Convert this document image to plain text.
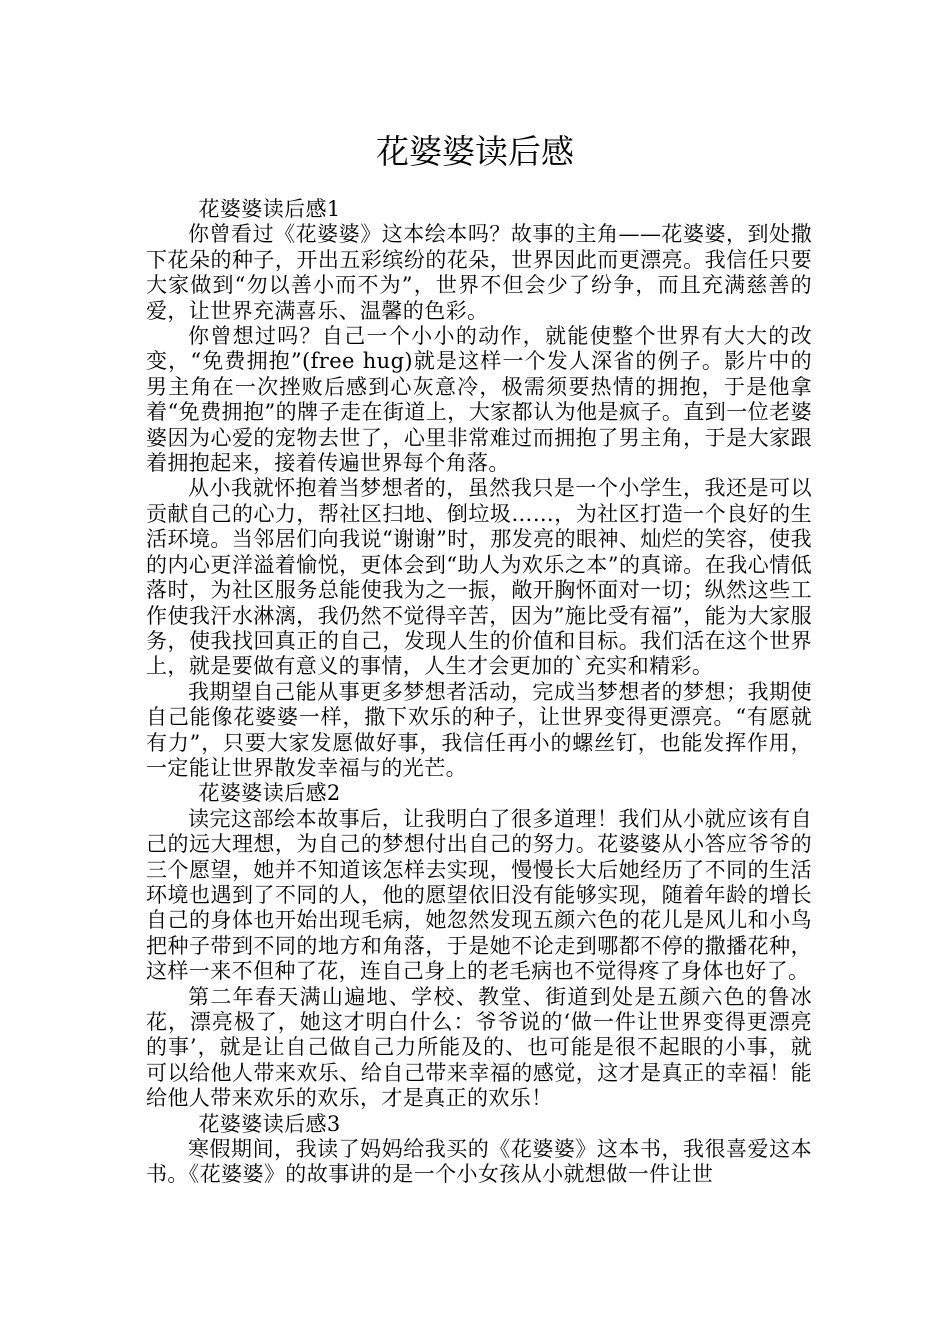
花婆婆读后感

花婆婆读后感1

你曾看过《花婆婆》这本绘本吗？故事的主角——花婆婆，到处撒下花朵的种子，开出五彩缤纷的花朵，世界因此而更漂亮。我信任只要大家做到“勿以善小而不为”，世界不但会少了纷争，而且充满慈善的爱，让世界充满喜乐、温馨的色彩。

你曾想过吗？自己一个小小的动作，就能使整个世界有大大的改变，“免费拥抱”(free hug)就是这样一个发人深省的例子。影片中的男主角在一次挫败后感到心灰意冷，极需须要热情的拥抱，于是他拿着“免费拥抱”的牌子走在街道上，大家都认为他是疯子。直到一位老婆婆因为心爱的宠物去世了，心里非常难过而拥抱了男主角，于是大家跟着拥抱起来，接着传遍世界每个角落。

从小我就怀抱着当梦想者的，虽然我只是一个小学生，我还是可以贡献自己的心力，帮社区扫地、倒垃圾……，为社区打造一个良好的生活环境。当邻居们向我说“谢谢”时，那发亮的眼神、灿烂的笑容，使我的内心更洋溢着愉悦，更体会到“助人为欢乐之本”的真谛。在我心情低落时，为社区服务总能使我为之一振，敞开胸怀面对一切；纵然这些工作使我汗水淋漓，我仍然不觉得辛苦，因为”施比受有福”，能为大家服务，使我找回真正的自己，发现人生的价值和目标。我们活在这个世界上，就是要做有意义的事情，人生才会更加的`充实和精彩。

我期望自己能从事更多梦想者活动，完成当梦想者的梦想；我期使自己能像花婆婆一样，撒下欢乐的种子，让世界变得更漂亮。“有愿就有力”，只要大家发愿做好事，我信任再小的螺丝钉，也能发挥作用，一定能让世界散发幸福与的光芒。

花婆婆读后感2

读完这部绘本故事后，让我明白了很多道理！我们从小就应该有自己的远大理想，为自己的梦想付出自己的努力。花婆婆从小答应爷爷的三个愿望，她并不知道该怎样去实现，慢慢长大后她经历了不同的生活环境也遇到了不同的人，他的愿望依旧没有能够实现，随着年龄的增长自己的身体也开始出现毛病，她忽然发现五颜六色的花儿是风儿和小鸟把种子带到不同的地方和角落，于是她不论走到哪都不停的撒播花种，这样一来不但种了花，连自己身上的老毛病也不觉得疼了身体也好了。

第二年春天满山遍地、学校、教堂、街道到处是五颜六色的鲁冰花，漂亮极了，她这才明白什么：爷爷说的‘做一件让世界变得更漂亮的事’，就是让自己做自己力所能及的、也可能是很不起眼的小事，就可以给他人带来欢乐、给自己带来幸福的感觉，这才是真正的幸福！能给他人带来欢乐的欢乐，才是真正的欢乐！

花婆婆读后感3

寒假期间，我读了妈妈给我买的《花婆婆》这本书，我很喜爱这本书。《花婆婆》的故事讲的是一个小女孩从小就想做一件让世
